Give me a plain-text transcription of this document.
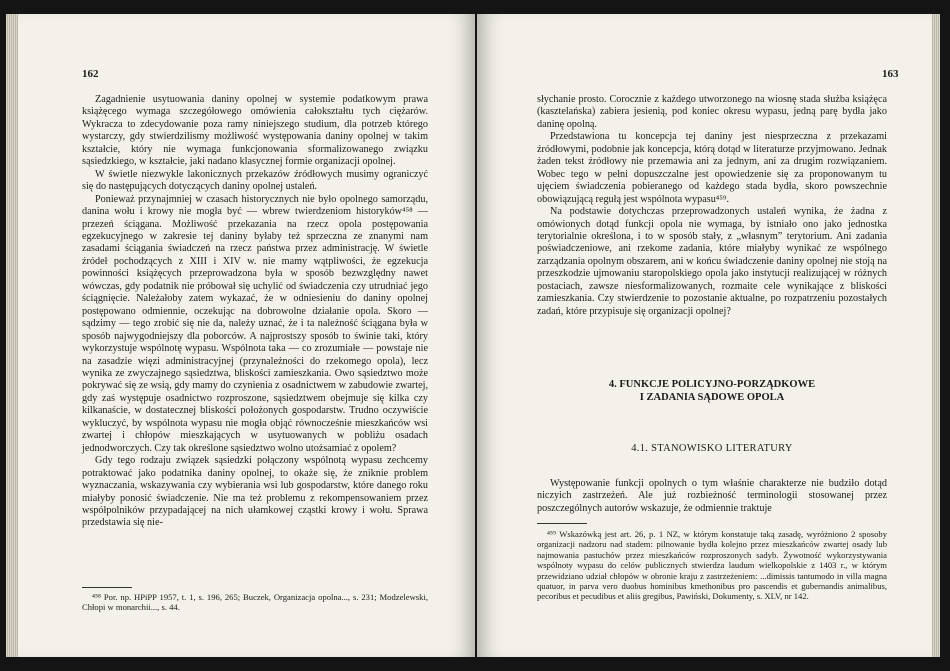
162

Zagadnienie usytuowania daniny opolnej w systemie podatkowym prawa książęcego wymaga szczegółowego omówienia całokształtu tych ciężarów. Wykracza to zdecydowanie poza ramy niniejszego studium, dla potrzeb którego wystarczy, gdy stwierdzilismy możliwość występowania daniny opolnej w takim kształcie, który nie wymaga funkcjonowania sformalizowanego związku sąsiedzkiego, w kształcie, jaki nadano klasycznej formie organizacji opolnej.

W świetle niezwykle lakonicznych przekazów źródłowych musimy ograniczyć się do następujących dotyczących daniny opolnej ustaleń.

Ponieważ przynajmniej w czasach historycznych nie było opolnego samorządu, danina wołu i krowy nie mogła być — wbrew twierdzeniom historyków⁴⁵⁸ — przezeń ściągana. Możliwość przekazania na rzecz opola postępowania egzekucyjnego w zakresie tej daniny byłaby też sprzeczna ze znanymi nam zasadami ściągania świadczeń na rzecz państwa przez administrację. W świetle źródeł pochodzących z XIII i XIV w. nie mamy wątpliwości, że egzekucja powinności książęcych przeprowadzona była w sposób bezwzględny nawet wówczas, gdy podatnik nie próbował się uchylić od świadczenia czy utrudniać jego ściągnięcie. Należałoby zatem wykazać, że w odniesieniu do daniny opolnej postępowano odmiennie, oczekując na dobrowolne działanie opola. Skoro — sądzimy — tego zrobić się nie da, należy uznać, że i ta należność ściągana była w sposób najwygodniejszy dla poborców. A najprostszy sposób to świnie taki, który wykorzystuje wspólnotę wypasu. Wspólnota taka — co zrozumiałe — powstaje nie na zasadzie więzi administracyjnej (przynależności do rzekomego opola), lecz wynika ze zwyczajnego sąsiedztwa, bliskości zamieszkania. Owo sąsiedztwo może pokrywać się ze wsią, gdy mamy do czynienia z osadnictwem w zabudowie zwartej, gdy zaś występuje osadnictwo rozproszone, sąsiedztwem obejmuje się kilka czy kilkanaście, w dostatecznej bliskości położonych gospodarstw. Trudno oczywiście wykluczyć, by wspólnota wypasu nie mogła objąć równocześnie mieszkańców wsi zwartej i chłopów mieszkających w usytuowanych w pobliżu osadach jednodworczych. Czy tak określone sąsiedztwo wolno utożsamiać z opolem?

Gdy tego rodzaju związek sąsiedzki połączony wspólnotą wypasu zechcemy potraktować jako podatnika daniny opolnej, to okaże się, że zniknie problem wyznaczania, wskazywania czy wybierania wsi lub gospodarstw, które danego roku miałyby ponosić świadczenie. Nie ma też problemu z rekompensowaniem przez współpolników przypadającej na nich ułamkowej cząstki krowy i wołu. Sprawa przedstawia się nie-

⁴⁵⁸ Por. np. HPiPP 1957, t. 1, s. 196, 265; Buczek, Organizacja opolna..., s. 231; Modzelewski, Chłopi w monarchii..., s. 44.

163

słychanie prosto. Corocznie z każdego utworzonego na wiosnę stada służba książęca (kasztelańska) zabiera jesienią, pod koniec okresu wypasu, jedną parę bydła jako daninę opolną.

Przedstawiona tu koncepcja tej daniny jest niesprzeczna z przekazami źródłowymi, podobnie jak koncepcja, którą dotąd w literaturze przyjmowano. Jednak żaden tekst źródłowy nie przemawia ani za jednym, ani za drugim rozwiązaniem. Wobec tego w pełni dopuszczalne jest opowiedzenie się za proponowanym tu ujęciem świadczenia pobieranego od każdego stada bydła, skoro powszechnie obowiązującą regułą jest wspólnota wypasu⁴⁵⁹.

Na podstawie dotychczas przeprowadzonych ustaleń wynika, że żadna z omówionych dotąd funkcji opola nie wymaga, by istniało ono jako jednostka terytorialnie określona, i to w sposób stały, z „własnym” terytorium. Ani zadania poświadczeniowe, ani rzekome zadania, które miałyby wynikać ze wspólnego zarządzania opolnym obszarem, ani w końcu świadczenie daniny opolnej nie stoją na przeszkodzie ujmowaniu staropolskiego opola jako instytucji realizującej w różnych postaciach, zawsze niesformalizowanych, rozmaite cele wynikające z bliskości zamieszkania. Czy stwierdzenie to pozostanie aktualne, po rozpatrzeniu pozostałych zadań, które przypisuje się organizacji opolnej?

4. FUNKCJE POLICYJNO-PORZĄDKOWE
I ZADANIA SĄDOWE OPOLA
4.1. STANOWISKO LITERATURY

Występowanie funkcji opolnych o tym właśnie charakterze nie budziło dotąd niczyich zastrzeżeń. Ale już rozbieżność terminologii stosowanej przez poszczególnych autorów wskazuje, że odmiennie traktuje

⁴⁵⁹ Wskazówką jest art. 26, p. 1 NZ, w którym konstatuje taką zasadę, wyróżniono 2 sposoby organizacji nadzoru nad stadem: pilnowanie bydła kolejno przez mieszkańców zwartej osady lub najmowania pastuchów przez mieszkańców rozproszonych sadyb. Żywotność wykorzystywania wspólnoty wypasu do celów publicznych stwierdza laudum wielkopolskie z 1403 r., w którym przewidziano udział chłopów w obronie kraju z zastrzeżeniem: ...dimissis tantumodo in villa magna quatuor, in parva vero duobus hominibus kmethonibus pro pascendis et gubernandis animalibus, pecoribus et pecudibus et aliis gregibus, Pawiński, Dokumenty, s. XLV, nr 142.
